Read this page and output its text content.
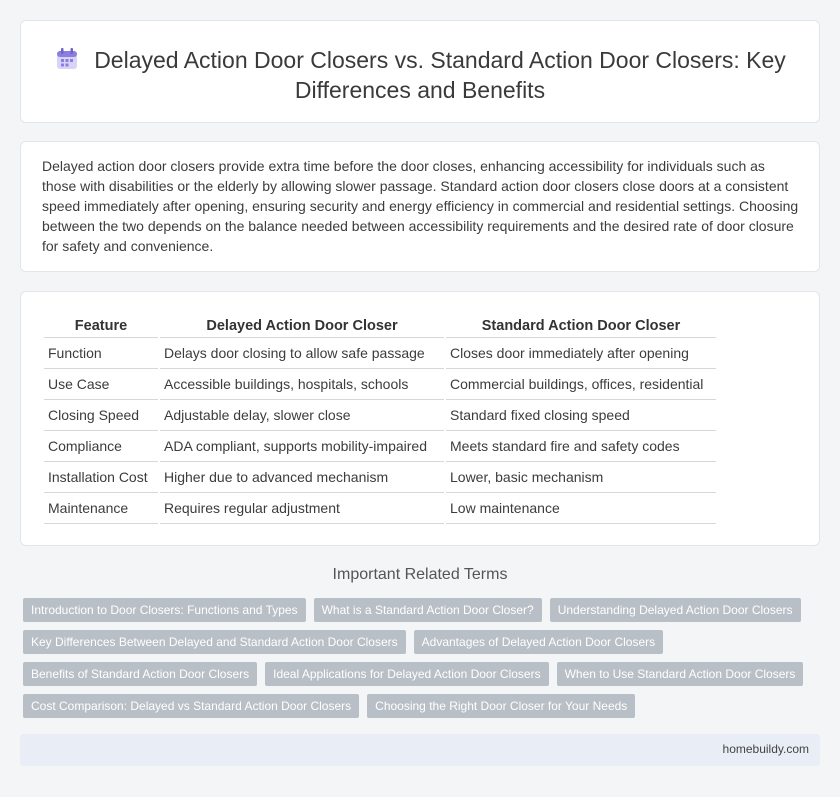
Delayed Action Door Closers vs. Standard Action Door Closers: Key Differences and Benefits

Delayed action door closers provide extra time before the door closes, enhancing accessibility for individuals such as those with disabilities or the elderly by allowing slower passage. Standard action door closers close doors at a consistent speed immediately after opening, ensuring security and energy efficiency in commercial and residential settings. Choosing between the two depends on the balance needed between accessibility requirements and the desired rate of door closure for safety and convenience.

Feature	Delayed Action Door Closer	Standard Action Door Closer
Function	Delays door closing to allow safe passage	Closes door immediately after opening
Use Case	Accessible buildings, hospitals, schools	Commercial buildings, offices, residential
Closing Speed	Adjustable delay, slower close	Standard fixed closing speed
Compliance	ADA compliant, supports mobility-impaired	Meets standard fire and safety codes
Installation Cost	Higher due to advanced mechanism	Lower, basic mechanism
Maintenance	Requires regular adjustment	Low maintenance
Important Related Terms
Introduction to Door Closers: Functions and Types	What is a Standard Action Door Closer?	Understanding Delayed Action Door Closers
Key Differences Between Delayed and Standard Action Door Closers	Advantages of Delayed Action Door Closers
Benefits of Standard Action Door Closers	Ideal Applications for Delayed Action Door Closers	When to Use Standard Action Door Closers
Cost Comparison: Delayed vs Standard Action Door Closers	Choosing the Right Door Closer for Your Needs
homebuildy.com
